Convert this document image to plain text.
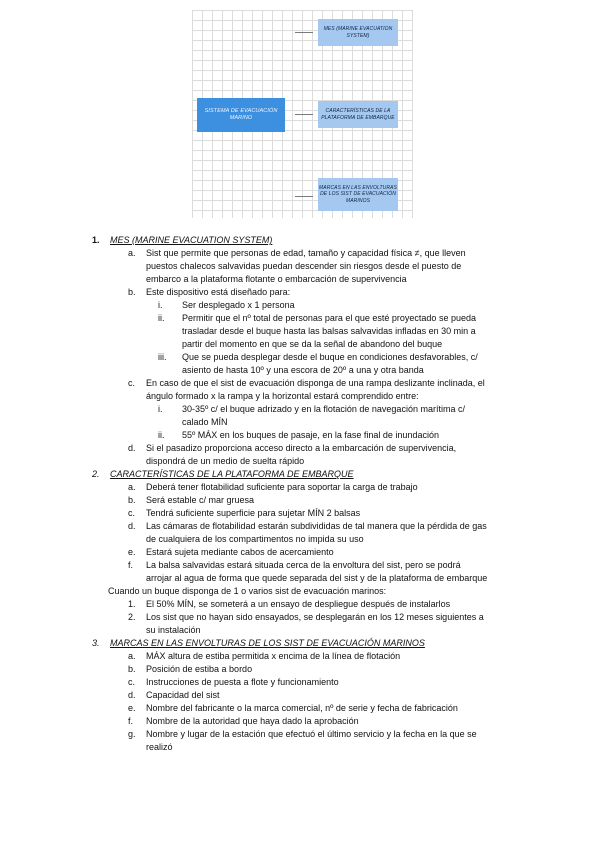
SISTEMA DE EVACUACIÓN MARINO
MES (MARINE EVACUATION SYSTEM)
CARACTERÍSTICAS DE LA PLATAFORMA DE EMBARQUE
MARCAS EN LAS ENVOLTURAS DE LOS SIST DE EVACUACIÓN MARINOS
1. MES (MARINE EVACUATION SYSTEM)
a. Sist que permite que personas de edad, tamaño y capacidad física ≠, que lleven
puestos chalecos salvavidas puedan descender sin riesgos desde el puesto de
embarco a la plataforma flotante o embarcación de supervivencia
b. Este dispositivo está diseñado para:
i. Ser desplegado x 1 persona
ii. Permitir que el nº total de personas para el que esté proyectado se pueda
trasladar desde el buque hasta las balsas salvavidas infladas en 30 min a
partir del momento en que se da la señal de abandono del buque
iii. Que se pueda desplegar desde el buque en condiciones desfavorables, c/
asiento de hasta 10º y una escora de 20º a una y otra banda
c. En caso de que el sist de evacuación disponga de una rampa deslizante inclinada, el
ángulo formado x la rampa y la horizontal estará comprendido entre:
i. 30-35º c/ el buque adrizado y en la flotación de navegación marítima c/
calado MÍN
ii. 55º MÁX en los buques de pasaje, en la fase final de inundación
d. Si el pasadizo proporciona acceso directo a la embarcación de supervivencia,
dispondrá de un medio de suelta rápido
2. CARACTERÍSTICAS DE LA PLATAFORMA DE EMBARQUE
a. Deberá tener flotabilidad suficiente para soportar la carga de trabajo
b. Será estable c/ mar gruesa
c. Tendrá suficiente superficie para sujetar MÍN 2 balsas
d. Las cámaras de flotabilidad estarán subdivididas de tal manera que la pérdida de gas
de cualquiera de los compartimentos no impida su uso
e. Estará sujeta mediante cabos de acercamiento
f. La balsa salvavidas estará situada cerca de la envoltura del sist, pero se podrá
arrojar al agua de forma que quede separada del sist y de la plataforma de embarque
Cuando un buque disponga de 1 o varios sist de evacuación marinos:
1. El 50% MÍN, se someterá a un ensayo de despliegue después de instalarlos
2. Los sist que no hayan sido ensayados, se desplegarán en los 12 meses siguientes a
su instalación
3. MARCAS EN LAS ENVOLTURAS DE LOS SIST DE EVACUACIÓN MARINOS
a. MÁX altura de estiba permitida x encima de la línea de flotación
b. Posición de estiba a bordo
c. Instrucciones de puesta a flote y funcionamiento
d. Capacidad del sist
e. Nombre del fabricante o la marca comercial, nº de serie y fecha de fabricación
f. Nombre de la autoridad que haya dado la aprobación
g. Nombre y lugar de la estación que efectuó el último servicio y la fecha en la que se
realizó
